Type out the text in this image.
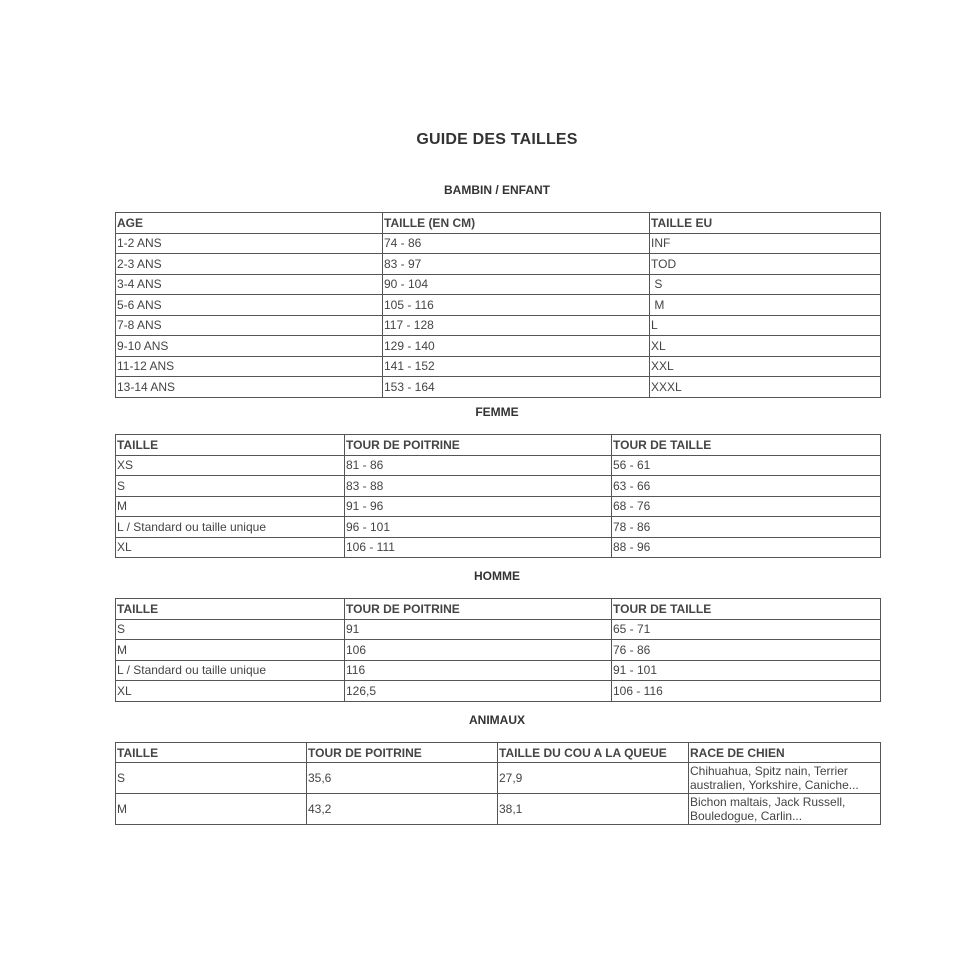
GUIDE DES TAILLES
BAMBIN / ENFANT
AGE	TAILLE (EN CM)	TAILLE EU
1-2 ANS	74 - 86	INF
2-3 ANS	83 - 97	TOD
3-4 ANS	90 - 104	S
5-6 ANS	105 - 116	M
7-8 ANS	117 - 128	L
9-10 ANS	129 - 140	XL
11-12 ANS	141 - 152	XXL
13-14 ANS	153 - 164	XXXL
FEMME
TAILLE	TOUR DE POITRINE	TOUR DE TAILLE
XS	81 - 86	56 - 61
S	83 - 88	63 - 66
M	91 - 96	68 - 76
L / Standard ou taille unique	96 - 101	78 - 86
XL	106 - 111	88 - 96
HOMME
TAILLE	TOUR DE POITRINE	TOUR DE TAILLE
S	91	65 - 71
M	106	76 - 86
L / Standard ou taille unique	116	91 - 101
XL	126,5	106 - 116
ANIMAUX
TAILLE	TOUR DE POITRINE	TAILLE DU COU A LA QUEUE	RACE DE CHIEN
S	35,6	27,9	Chihuahua, Spitz nain, Terrier australien, Yorkshire, Caniche...
M	43,2	38,1	Bichon maltais, Jack Russell, Bouledogue, Carlin...
